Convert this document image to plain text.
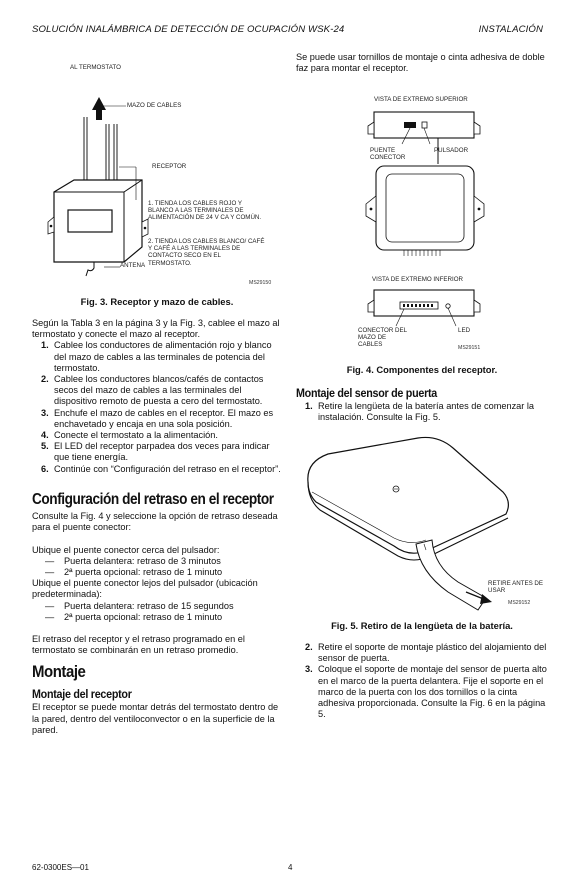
SOLUCIÓN INALÁMBRICA DE DETECCIÓN DE OCUPACIÓN WSK-24	INSTALACIÓN
AL TERMOSTATO
MAZO DE CABLES
RECEPTOR
ANTENA
1. TIENDA LOS CABLES ROJO Y BLANCO A LAS TERMINALES DE ALIMENTACIÓN DE 24 V CA Y COMÚN.
2. TIENDA LOS CABLES BLANCO/ CAFÉ Y CAFÉ A LAS TERMINALES DE CONTACTO SECO EN EL TERMOSTATO.
MS29150
Fig. 3. Receptor y mazo de cables.

Según la Tabla 3 en la página 3 y la Fig. 3, cablee el mazo al termostato y conecte el mazo al receptor.

1. Cablee los conductores de alimentación rojo y blanco del mazo de cables a las terminales de potencia del termostato.
2. Cablee los conductores blancos/cafés de contactos secos del mazo de cables a las terminales del dispositivo remoto de puesta a cero del termostato.
3. Enchufe el mazo de cables en el receptor. El mazo es enchavetado y encaja en una sola posición.
4. Conecte el termostato a la alimentación.
5. El LED del receptor parpadea dos veces para indicar que tiene energía.
6. Continúe con “Configuración del retraso en el receptor”.
Configuración del retraso en el receptor

Consulte la Fig. 4 y seleccione la opción de retraso deseada para el puente conector:

Ubique el puente conector cerca del pulsador:

— Puerta delantera: retraso de 3 minutos
— 2ª puerta opcional: retraso de 1 minuto

Ubique el puente conector lejos del pulsador (ubicación predeterminada):

— Puerta delantera: retraso de 15 segundos
— 2ª puerta opcional: retraso de 1 minuto

El retraso del receptor y el retraso programado en el termostato se combinarán en un retraso promedio.

Montaje
Montaje del receptor

El receptor se puede montar detrás del termostato dentro de la pared, dentro del ventiloconvector o en la superficie de la pared.

Se puede usar tornillos de montaje o cinta adhesiva de doble faz para montar el receptor.
VISTA DE EXTREMO SUPERIOR
PUENTE CONECTOR
PULSADOR
VISTA DE EXTREMO INFERIOR
CONECTOR DEL MAZO DE CABLES
LED
MS29151
Fig. 4. Componentes del receptor.
Montaje del sensor de puerta
1. Retire la lengüeta de la batería antes de comenzar la instalación. Consulte la Fig. 5.
RETIRE ANTES DE USAR
MS29152
Fig. 5. Retiro de la lengüeta de la batería.
2. Retire el soporte de montaje plástico del alojamiento del sensor de puerta.
3. Coloque el soporte de montaje del sensor de puerta alto en el marco de la puerta delantera. Fije el soporte en el marco de la puerta con los dos tornillos o la cinta adhesiva proporcionada. Consulte la Fig. 6 en la página 5.
62-0300ES—01	4
